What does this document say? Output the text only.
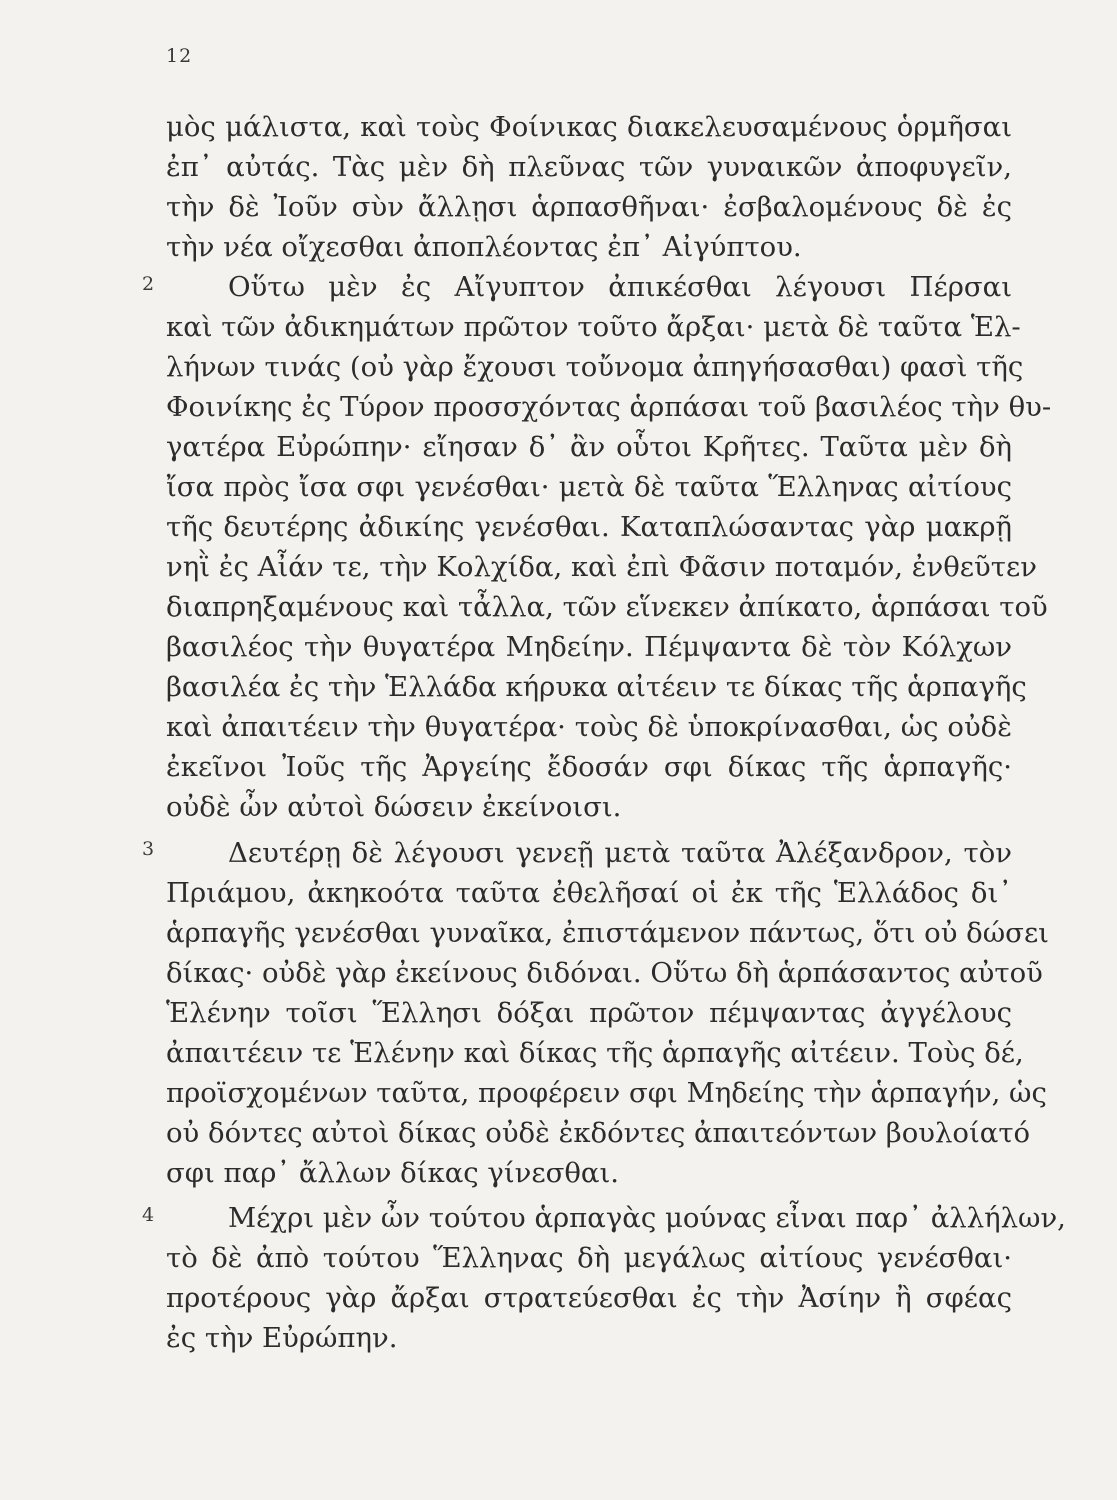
12
μὸς μάλιστα, καὶ τοὺς Φοίνικας διακελευσαμένους ὁρμῆσαι
ἐπ᾽ αὐτάς. Τὰς μὲν δὴ πλεῦνας τῶν γυναικῶν ἀποφυγεῖν,
τὴν δὲ Ἰοῦν σὺν ἄλλῃσι ἁρπασθῆναι· ἐσβαλομένους δὲ ἐς
τὴν νέα οἴχεσθαι ἀποπλέοντας ἐπ᾽ Αἰγύπτου.
2	Οὕτω μὲν ἐς Αἴγυπτον ἀπικέσθαι λέγουσι Πέρσαι
καὶ τῶν ἀδικημάτων πρῶτον τοῦτο ἄρξαι· μετὰ δὲ ταῦτα Ἑλ-
λήνων τινάς (οὐ γὰρ ἔχουσι τοὔνομα ἀπηγήσασθαι) φασὶ τῆς
Φοινίκης ἐς Τύρον προσσχόντας ἁρπάσαι τοῦ βασιλέος τὴν θυ-
γατέρα Εὐρώπην· εἴησαν δ᾽ ἂν οὗτοι Κρῆτες. Ταῦτα μὲν δὴ
ἴσα πρὸς ἴσα σφι γενέσθαι· μετὰ δὲ ταῦτα Ἕλληνας αἰτίους
τῆς δευτέρης ἀδικίης γενέσθαι. Καταπλώσαντας γὰρ μακρῇ
νηῒ ἐς Αἶάν τε, τὴν Κολχίδα, καὶ ἐπὶ Φᾶσιν ποταμόν, ἐνθεῦτεν
διαπρηξαμένους καὶ τἆλλα, τῶν εἵνεκεν ἀπίκατο, ἁρπάσαι τοῦ
βασιλέος τὴν θυγατέρα Μηδείην. Πέμψαντα δὲ τὸν Κόλχων
βασιλέα ἐς τὴν Ἑλλάδα κήρυκα αἰτέειν τε δίκας τῆς ἁρπαγῆς
καὶ ἀπαιτέειν τὴν θυγατέρα· τοὺς δὲ ὑποκρίνασθαι, ὡς οὐδὲ
ἐκεῖνοι Ἰοῦς τῆς Ἀργείης ἔδοσάν σφι δίκας τῆς ἁρπαγῆς·
οὐδὲ ὦν αὐτοὶ δώσειν ἐκείνοισι.
3	Δευτέρῃ δὲ λέγουσι γενεῇ μετὰ ταῦτα Ἀλέξανδρον, τὸν
Πριάμου, ἀκηκοότα ταῦτα ἐθελῆσαί οἱ ἐκ τῆς Ἑλλάδος δι᾽
ἁρπαγῆς γενέσθαι γυναῖκα, ἐπιστάμενον πάντως, ὅτι οὐ δώσει
δίκας· οὐδὲ γὰρ ἐκείνους διδόναι. Οὕτω δὴ ἁρπάσαντος αὐτοῦ
Ἑλένην τοῖσι Ἕλλησι δόξαι πρῶτον πέμψαντας ἀγγέλους
ἀπαιτέειν τε Ἑλένην καὶ δίκας τῆς ἁρπαγῆς αἰτέειν. Τοὺς δέ,
προϊσχομένων ταῦτα, προφέρειν σφι Μηδείης τὴν ἁρπαγήν, ὡς
οὐ δόντες αὐτοὶ δίκας οὐδὲ ἐκδόντες ἀπαιτεόντων βουλοίατό
σφι παρ᾽ ἄλλων δίκας γίνεσθαι.
4	Μέχρι μὲν ὦν τούτου ἁρπαγὰς μούνας εἶναι παρ᾽ ἀλλήλων,
τὸ δὲ ἀπὸ τούτου Ἕλληνας δὴ μεγάλως αἰτίους γενέσθαι·
προτέρους γὰρ ἄρξαι στρατεύεσθαι ἐς τὴν Ἀσίην ἢ σφέας
ἐς τὴν Εὐρώπην.
